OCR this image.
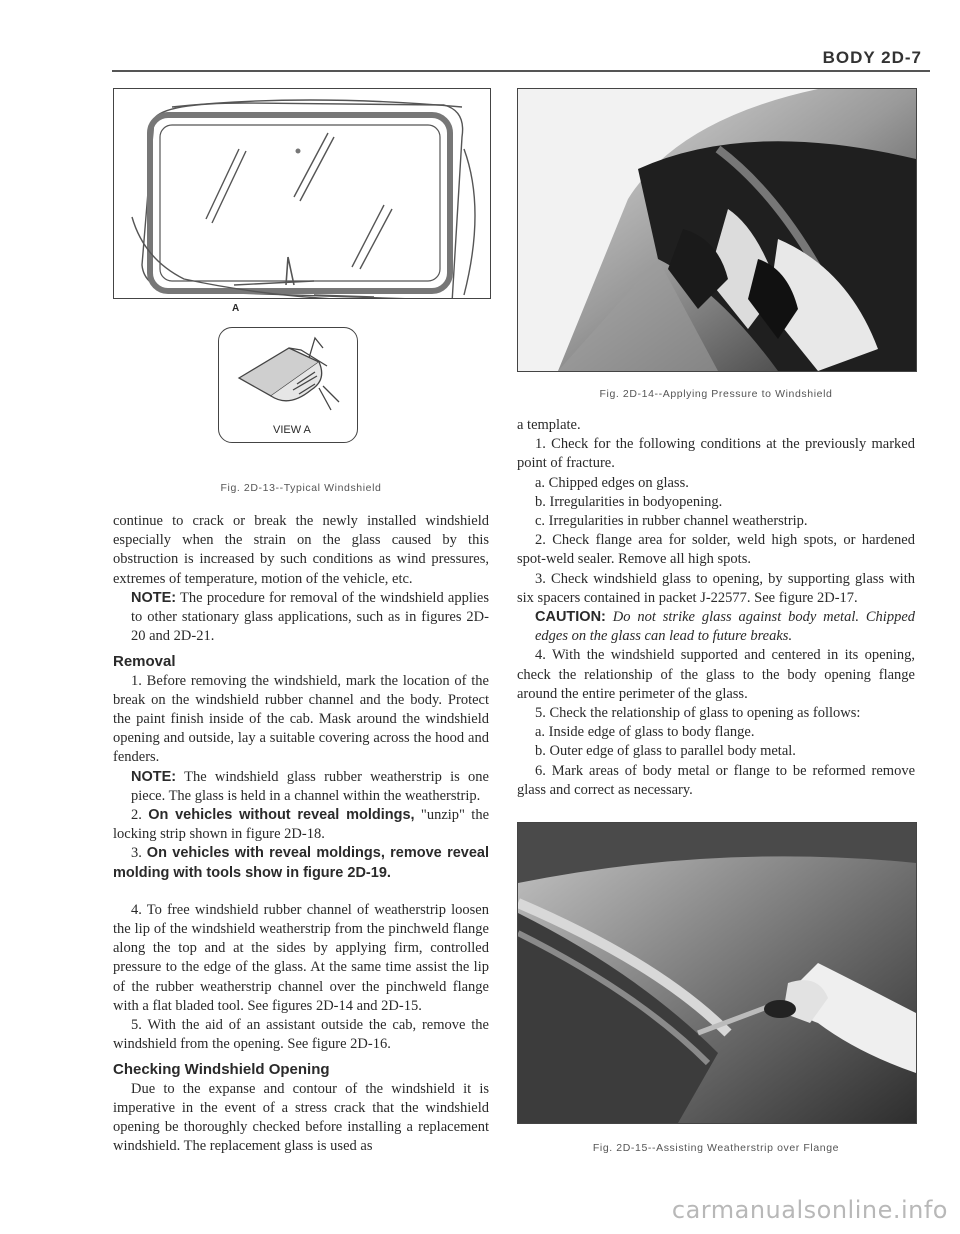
BODY 2D-7
A
VIEW A
Fig. 2D-13--Typical Windshield
Fig. 2D-14--Applying Pressure to Windshield
Fig. 2D-15--Assisting Weatherstrip over Flange

continue to crack or break the newly installed windshield especially when the strain on the glass caused by this obstruction is increased by such conditions as wind pressures, extremes of temperature, motion of the vehicle, etc.

NOTE: The procedure for removal of the windshield applies to other stationary glass applications, such as in figures 2D-20 and 2D-21.

Removal

1. Before removing the windshield, mark the location of the break on the windshield rubber channel and the body. Protect the paint finish inside of the cab. Mask around the windshield opening and outside, lay a suitable covering across the hood and fenders.

NOTE: The windshield glass rubber weatherstrip is one piece. The glass is held in a channel within the weatherstrip.

2. On vehicles without reveal moldings, "unzip" the locking strip shown in figure 2D-18.

3. On vehicles with reveal moldings, remove reveal molding with tools show in figure 2D-19.

4. To free windshield rubber channel of weatherstrip loosen the lip of the windshield weatherstrip from the pinchweld flange along the top and at the sides by applying firm, controlled pressure to the edge of the glass. At the same time assist the lip of the rubber weatherstrip channel over the pinchweld flange with a flat bladed tool. See figures 2D-14 and 2D-15.

5. With the aid of an assistant outside the cab, remove the windshield from the opening. See figure 2D-16.

Checking Windshield Opening

Due to the expanse and contour of the windshield it is imperative in the event of a stress crack that the windshield opening be thoroughly checked before installing a replacement windshield. The replacement glass is used as

a template.

1. Check for the following conditions at the previously marked point of fracture.

a. Chipped edges on glass.

b. Irregularities in bodyopening.

c. Irregularities in rubber channel weatherstrip.

2. Check flange area for solder, weld high spots, or hardened spot-weld sealer. Remove all high spots.

3. Check windshield glass to opening, by supporting glass with six spacers contained in packet J-22577. See figure 2D-17.

CAUTION: Do not strike glass against body metal. Chipped edges on the glass can lead to future breaks.

4. With the windshield supported and centered in its opening, check the relationship of the glass to the body opening flange around the entire perimeter of the glass.

5. Check the relationship of glass to opening as follows:

a. Inside edge of glass to body flange.

b. Outer edge of glass to parallel body metal.

6. Mark areas of body metal or flange to be reformed remove glass and correct as necessary.

carmanualsonline.info
